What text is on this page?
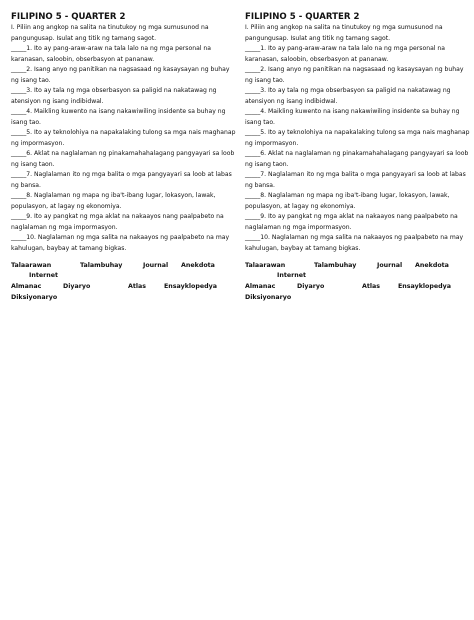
FILIPINO 5 - QUARTER 2

I. Piliin ang angkop na salita na tinutukoy ng mga sumusunod na pangungusap. Isulat ang titik ng tamang sagot.

_____1. Ito ay pang-araw-araw na tala lalo na ng mga personal na karanasan, saloobin, obserbasyon at pananaw.

_____2. Isang anyo ng panitikan na nagsasaad ng kasaysayan ng buhay ng isang tao.

_____3. Ito ay tala ng mga obserbasyon sa paligid na nakatawag ng atensiyon ng isang indibidwal.

_____4. Maikling kuwento na isang nakawiwiling insidente sa buhay ng isang tao.

_____5. Ito ay teknolohiya na napakalaking tulong sa mga nais maghanap ng impormasyon.

_____6. Aklat na naglalaman ng pinakamahahalagang pangyayari sa loob ng isang taon.

_____7. Naglalaman ito ng mga balita o mga pangyayari sa loob at labas ng bansa.

_____8. Naglalaman ng mapa ng iba't-ibang lugar, lokasyon, lawak, populasyon, at lagay ng ekonomiya.

_____9. Ito ay pangkat ng mga aklat na nakaayos nang paalpabeto na naglalaman ng mga impormasyon.

_____10. Naglalaman ng mga salita na nakaayos ng paalpabeto na may kahulugan, baybay at tamang bigkas.

Talaarawan	Talambuhay	Journal Anekdota
Internet
Almanac	Diyaryo	Atlas	Ensayklopedya
Diksiyonaryo
FILIPINO 5 - QUARTER 2

I. Piliin ang angkop na salita na tinutukoy ng mga sumusunod na pangungusap. Isulat ang titik ng tamang sagot.

_____1. Ito ay pang-araw-araw na tala lalo na ng mga personal na karanasan, saloobin, obserbasyon at pananaw.

_____2. Isang anyo ng panitikan na nagsasaad ng kasaysayan ng buhay ng isang tao.

_____3. Ito ay tala ng mga obserbasyon sa paligid na nakatawag ng atensiyon ng isang indibidwal.

_____4. Maikling kuwento na isang nakawiwiling insidente sa buhay ng isang tao.

_____5. Ito ay teknolohiya na napakalaking tulong sa mga nais maghanap ng impormasyon.

_____6. Aklat na naglalaman ng pinakamahahalagang pangyayari sa loob ng isang taon.

_____7. Naglalaman ito ng mga balita o mga pangyayari sa loob at labas ng bansa.

_____8. Naglalaman ng mapa ng iba't-ibang lugar, lokasyon, lawak, populasyon, at lagay ng ekonomiya.

_____9. Ito ay pangkat ng mga aklat na nakaayos nang paalpabeto na naglalaman ng mga impormasyon.

_____10. Naglalaman ng mga salita na nakaayos ng paalpabeto na may kahulugan, baybay at tamang bigkas.

Talaarawan	Talambuhay	Journal Anekdota
Internet
Almanac	Diyaryo	Atlas	Ensayklopedya
Diksiyonaryo
